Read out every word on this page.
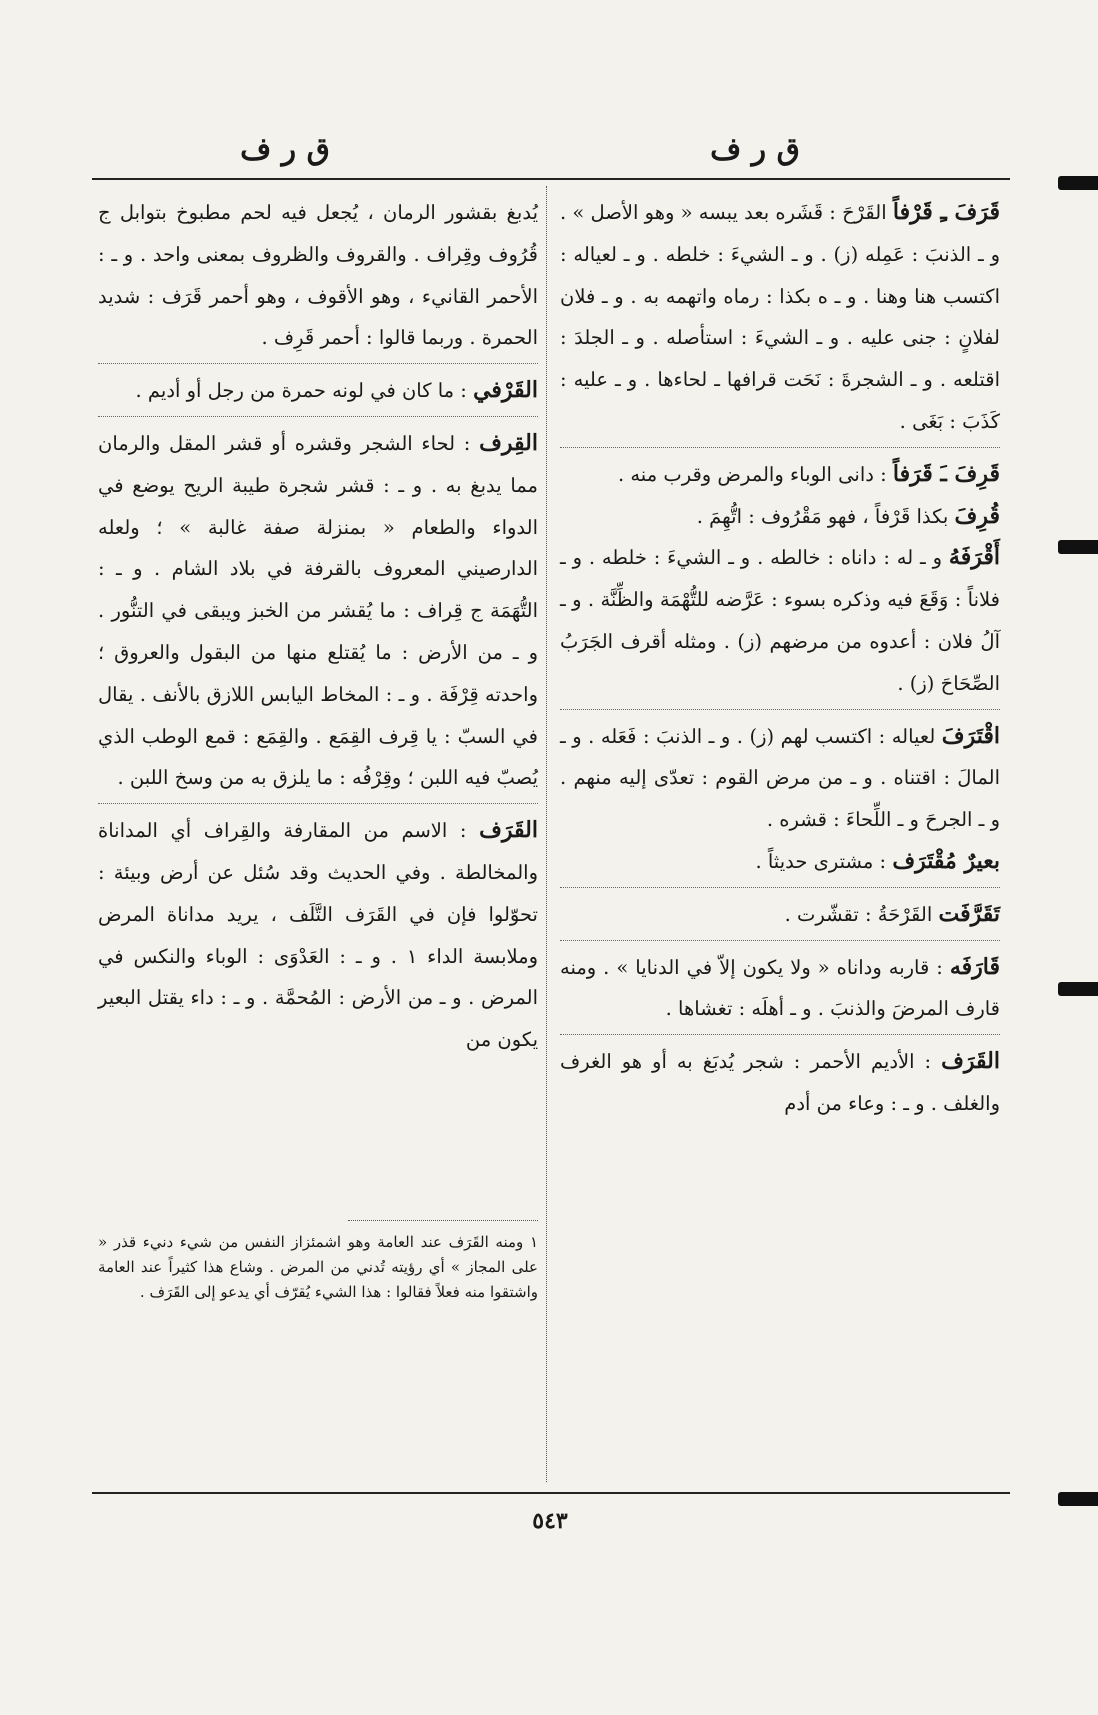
ق ر ف
ق ر ف

قَرَفَ ـِ قَرْفاً القَرْحَ : قَشَره بعد يبسه « وهو الأصل » . و ـ الذنبَ : عَمِله (ز) . و ـ الشيءَ : خلطه . و ـ لعياله : اكتسب هنا وهنا . و ـ ه بكذا : رماه واتهمه به . و ـ فلان لفلانٍ : جنى عليه . و ـ الشيءَ : استأصله . و ـ الجلدَ : اقتلعه . و ـ الشجرةَ : نَحَت قرافها ـ لحاءها . و ـ عليه : كَذَبَ : بَغَى .

قَرِفَ ـَ قَرَفاً : دانى الوباء والمرض وقرب منه .

قُرِفَ بكذا قَرْفاً ، فهو مَقْرُوف : اتُّهِمَ .

أَقْرَفَهُ و ـ له : داناه : خالطه . و ـ الشيءَ : خلطه . و ـ فلاناً : وَقَعَ فيه وذكره بسوء : عَرَّضه للتُّهْمَة والظِّنَّة . و ـ آلُ فلان : أعدوه من مرضهم (ز) . ومثله أقرف الجَرَبُ الصِّحَاحَ (ز) .

اقْتَرَفَ لعياله : اكتسب لهم (ز) . و ـ الذنبَ : فَعَله . و ـ المالَ : اقتناه . و ـ من مرض القوم : تعدّى إليه منهم . و ـ الجرحَ و ـ اللِّحاءَ : قشره .

بعيرٌ مُقْتَرَف : مشترى حديثاً .

تَقَرَّفَت القَرْحَةُ : تقشّرت .

قَارَفَه : قاربه وداناه « ولا يكون إلاّ في الدنايا » . ومنه قارف المرضَ والذنبَ . و ـ أهلَه : تغشاها .

القَرَف : الأديم الأحمر : شجر يُدبَغ به أو هو الغرف والغلف . و ـ : وعاء من أدم

يُدبغ بقشور الرمان ، يُجعل فيه لحم مطبوخ بتوابل ج قُرُوف وقِراف . والقروف والظروف بمعنى واحد . و ـ : الأحمر القانيء ، وهو الأقوف ، وهو أحمر قَرَف : شديد الحمرة . وربما قالوا : أحمر قَرِف .

القَرْفي : ما كان في لونه حمرة من رجل أو أديم .

القِرف : لحاء الشجر وقشره أو قشر المقل والرمان مما يدبغ به . و ـ : قشر شجرة طيبة الريح يوضع في الدواء والطعام « بمنزلة صفة غالبة » ؛ ولعله الدارصيني المعروف بالقرفة في بلاد الشام . و ـ : التُّهَمَة ج قِراف : ما يُقشر من الخبز ويبقى في التنُّور . و ـ من الأرض : ما يُقتلع منها من البقول والعروق ؛ واحدته قِرْفَة . و ـ : المخاط اليابس اللازق بالأنف . يقال في السبّ : يا قِرف القِمَع . والقِمَع : قمع الوطب الذي يُصبّ فيه اللبن ؛ وقِرْفُه : ما يلزق به من وسخ اللبن .

القَرَف : الاسم من المقارفة والقِراف أي المداناة والمخالطة . وفي الحديث وقد سُئل عن أرض وبيئة : تحوّلوا فإن في القَرَف التَّلَف ، يريد مداناة المرض وملابسة الداء ١ . و ـ : العَدْوَى : الوباء والنكس في المرض . و ـ من الأرض : المُحمَّة . و ـ : داء يقتل البعير يكون من

١ ومنه القَرَف عند العامة وهو اشمئزاز النفس من شيء دنيء قذر « على المجاز » أي رؤيته تُدني من المرض . وشاع هذا كثيراً عند العامة واشتقوا منه فعلاً فقالوا : هذا الشيء يُقرّف أي يدعو إلى القَرَف .
٥٤٣
